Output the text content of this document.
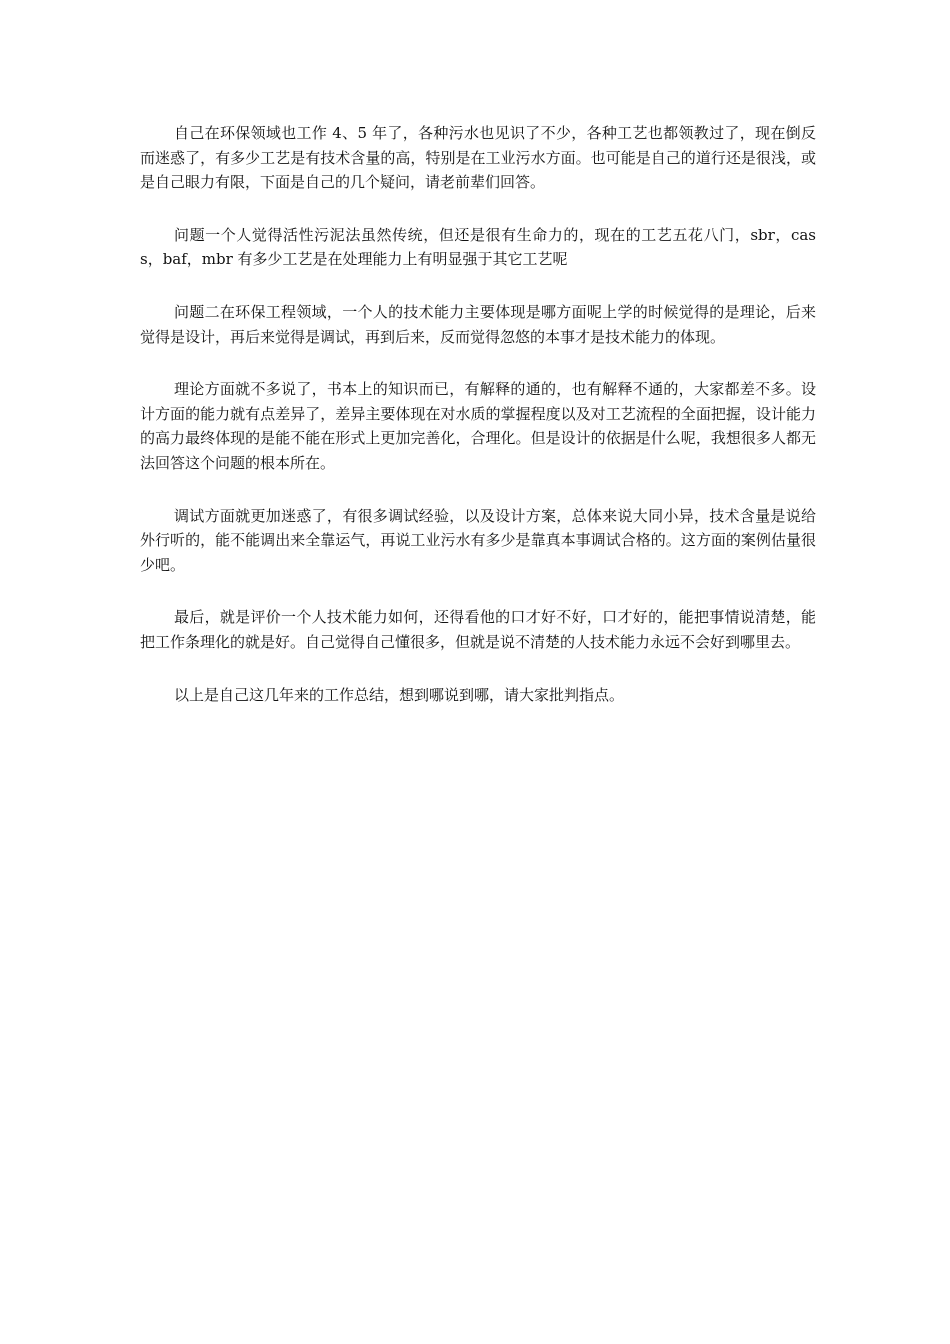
自己在环保领域也工作 4、5 年了，各种污水也见识了不少，各种工艺也都领教过了，现在倒反而迷惑了，有多少工艺是有技术含量的高，特别是在工业污水方面。也可能是自己的道行还是很浅，或是自己眼力有限，下面是自己的几个疑问，请老前辈们回答。

问题一个人觉得活性污泥法虽然传统，但还是很有生命力的，现在的工艺五花八门，sbr，cass，baf，mbr 有多少工艺是在处理能力上有明显强于其它工艺呢

问题二在环保工程领域，一个人的技术能力主要体现是哪方面呢上学的时候觉得的是理论，后来觉得是设计，再后来觉得是调试，再到后来，反而觉得忽悠的本事才是技术能力的体现。

理论方面就不多说了，书本上的知识而已，有解释的通的，也有解释不通的，大家都差不多。设计方面的能力就有点差异了，差异主要体现在对水质的掌握程度以及对工艺流程的全面把握，设计能力的高力最终体现的是能不能在形式上更加完善化，合理化。但是设计的依据是什么呢，我想很多人都无法回答这个问题的根本所在。

调试方面就更加迷惑了，有很多调试经验，以及设计方案，总体来说大同小异，技术含量是说给外行听的，能不能调出来全靠运气，再说工业污水有多少是靠真本事调试合格的。这方面的案例估量很少吧。

最后，就是评价一个人技术能力如何，还得看他的口才好不好，口才好的，能把事情说清楚，能把工作条理化的就是好。自己觉得自己懂很多，但就是说不清楚的人技术能力永远不会好到哪里去。

以上是自己这几年来的工作总结，想到哪说到哪，请大家批判指点。
